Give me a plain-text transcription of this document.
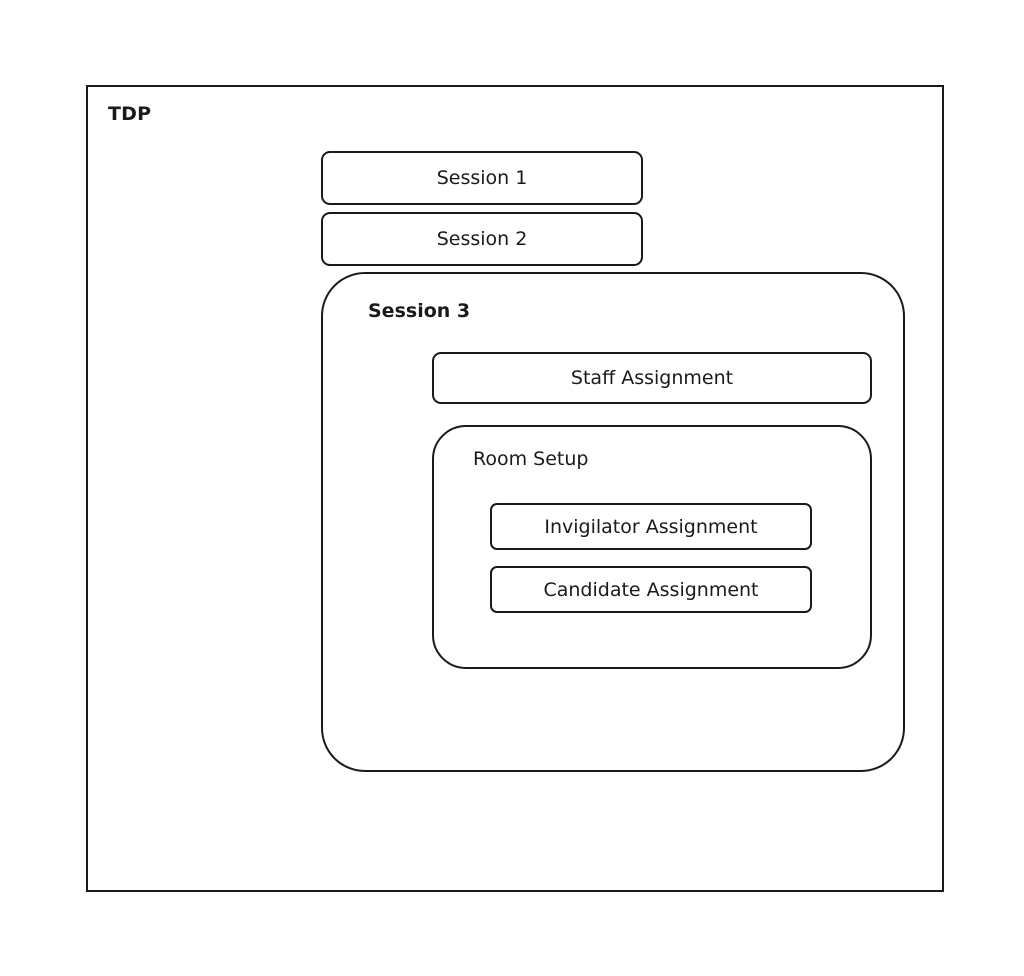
TDP
Session 1
Session 2
Session 3
Staff Assignment
Room Setup
Invigilator Assignment
Candidate Assignment
